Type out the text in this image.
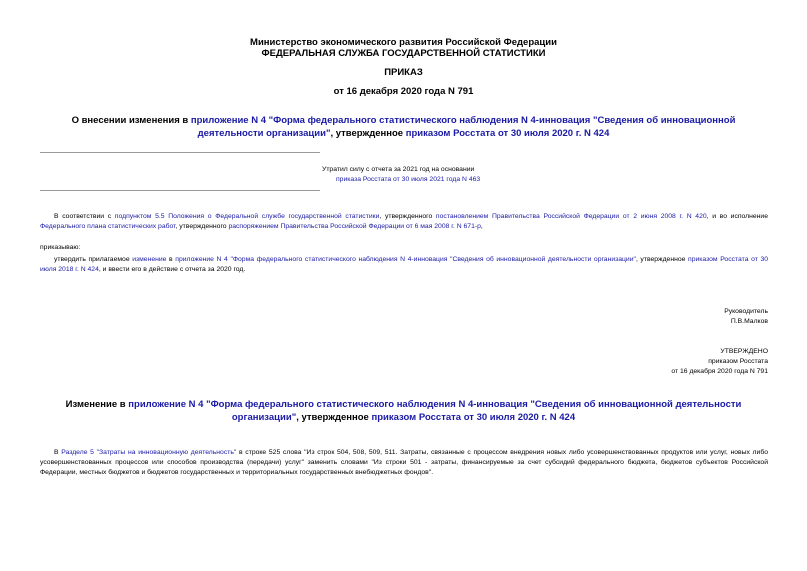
Министерство экономического развития Российской Федерации
ФЕДЕРАЛЬНАЯ СЛУЖБА ГОСУДАРСТВЕННОЙ СТАТИСТИКИ
ПРИКАЗ
от 16 декабря 2020 года N 791
О внесении изменения в приложение N 4 "Форма федерального статистического наблюдения N 4-инновация "Сведения об инновационной деятельности организации", утвержденное приказом Росстата от 30 июля 2020 г. N 424
Утратил силу с отчета за 2021 год на основании
приказа Росстата от 30 июля 2021 года N 463
В соответствии с подпунктом 5.5 Положения о Федеральной службе государственной статистики, утвержденного постановлением Правительства Российской Федерации от 2 июня 2008 г. N 420, и во исполнение Федерального плана статистических работ, утвержденного распоряжением Правительства Российской Федерации от 6 мая 2008 г. N 671-р,
приказываю:
утвердить прилагаемое изменение в приложение N 4 "Форма федерального статистического наблюдения N 4-инновация "Сведения об инновационной деятельности организации", утвержденное приказом Росстата от 30 июля 2018 г. N 424, и ввести его в действие с отчета за 2020 год.
Руководитель
П.В.Малков
УТВЕРЖДЕНО
приказом Росстата
от 16 декабря 2020 года N 791
Изменение в приложение N 4 "Форма федерального статистического наблюдения N 4-инновация "Сведения об инновационной деятельности организации", утвержденное приказом Росстата от 30 июля 2020 г. N 424
В Разделе 5 "Затраты на инновационную деятельность" в строке 525 слова "Из строк 504, 508, 509, 511. Затраты, связанные с процессом внедрения новых либо усовершенствованных продуктов или услуг, новых либо усовершенствованных процессов или способов производства (передачи) услуг" заменить словами "Из строки 501 - затраты, финансируемые за счет субсидий федерального бюджета, бюджетов субъектов Российской Федерации, местных бюджетов и бюджетов государственных и территориальных государственных внебюджетных фондов".
